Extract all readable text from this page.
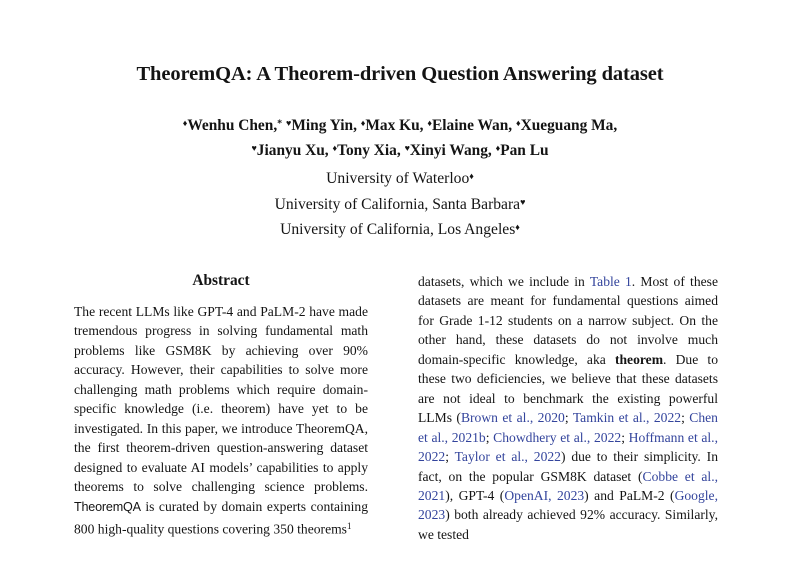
TheoremQA: A Theorem-driven Question Answering dataset
♦Wenhu Chen,* ♥Ming Yin, ♦Max Ku, ♦Elaine Wan, ♦Xueguang Ma,
♥Jianyu Xu, ♦Tony Xia, ♥Xinyi Wang, ♦Pan Lu
University of Waterloo♦
University of California, Santa Barbara♥
University of California, Los Angeles♦
Abstract

The recent LLMs like GPT-4 and PaLM-2 have made tremendous progress in solving fundamental math problems like GSM8K by achieving over 90% accuracy. However, their capabilities to solve more challenging math problems which require domain-specific knowledge (i.e. theorem) have yet to be investigated. In this paper, we introduce TheoremQA, the first theorem-driven question-answering dataset designed to evaluate AI models’ capabilities to apply theorems to solve challenging science problems. TheoremQA is curated by domain experts containing 800 high-quality questions covering 350 theorems$^1$

datasets, which we include in Table 1. Most of these datasets are meant for fundamental questions aimed for Grade 1-12 students on a narrow subject. On the other hand, these datasets do not involve much domain-specific knowledge, aka theorem. Due to these two deficiencies, we believe that these datasets are not ideal to benchmark the existing powerful LLMs (Brown et al., 2020; Tamkin et al., 2022; Chen et al., 2021b; Chowdhery et al., 2022; Hoffmann et al., 2022; Taylor et al., 2022) due to their simplicity. In fact, on the popular GSM8K dataset (Cobbe et al., 2021), GPT-4 (OpenAI, 2023) and PaLM-2 (Google, 2023) both already achieved 92% accuracy. Similarly, we tested
